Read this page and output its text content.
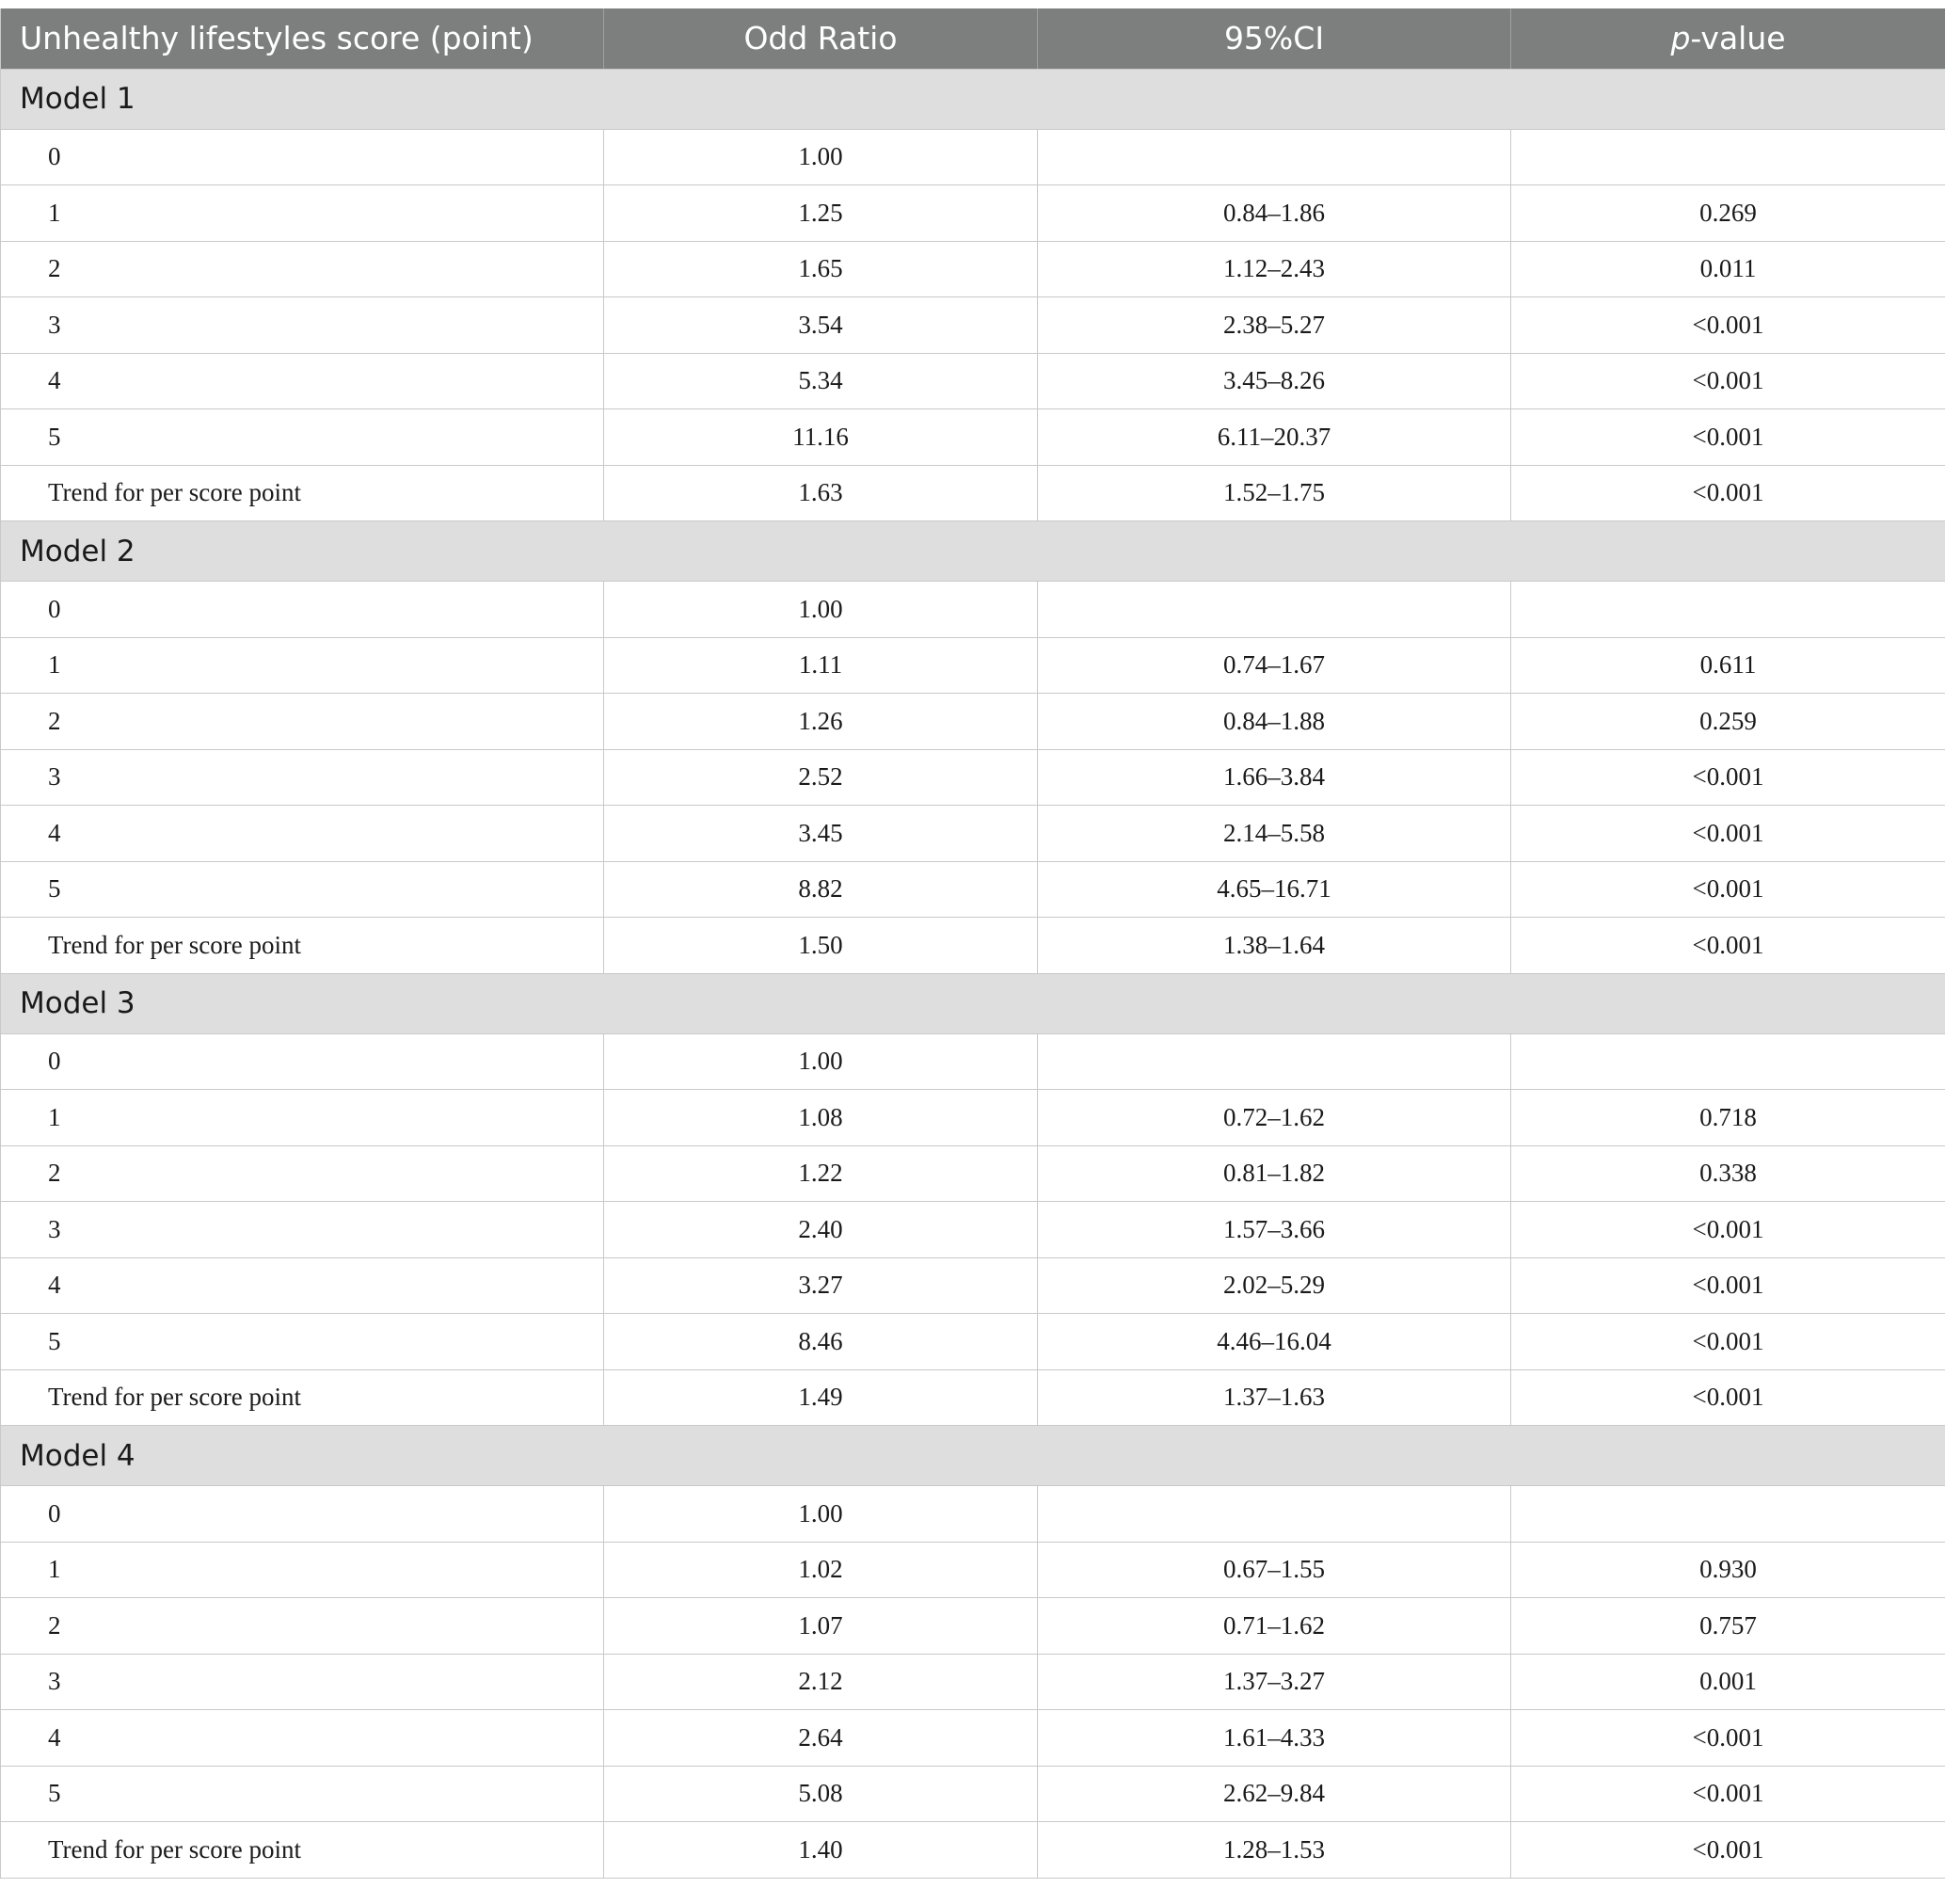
Unhealthy lifestyles score (point)	Odd Ratio	95%CI	p-value
Model 1			
0	1.00		
1	1.25	0.84–1.86	0.269
2	1.65	1.12–2.43	0.011
3	3.54	2.38–5.27	<0.001
4	5.34	3.45–8.26	<0.001
5	11.16	6.11–20.37	<0.001
Trend for per score point	1.63	1.52–1.75	<0.001
Model 2			
0	1.00		
1	1.11	0.74–1.67	0.611
2	1.26	0.84–1.88	0.259
3	2.52	1.66–3.84	<0.001
4	3.45	2.14–5.58	<0.001
5	8.82	4.65–16.71	<0.001
Trend for per score point	1.50	1.38–1.64	<0.001
Model 3			
0	1.00		
1	1.08	0.72–1.62	0.718
2	1.22	0.81–1.82	0.338
3	2.40	1.57–3.66	<0.001
4	3.27	2.02–5.29	<0.001
5	8.46	4.46–16.04	<0.001
Trend for per score point	1.49	1.37–1.63	<0.001
Model 4			
0	1.00		
1	1.02	0.67–1.55	0.930
2	1.07	0.71–1.62	0.757
3	2.12	1.37–3.27	0.001
4	2.64	1.61–4.33	<0.001
5	5.08	2.62–9.84	<0.001
Trend for per score point	1.40	1.28–1.53	<0.001
